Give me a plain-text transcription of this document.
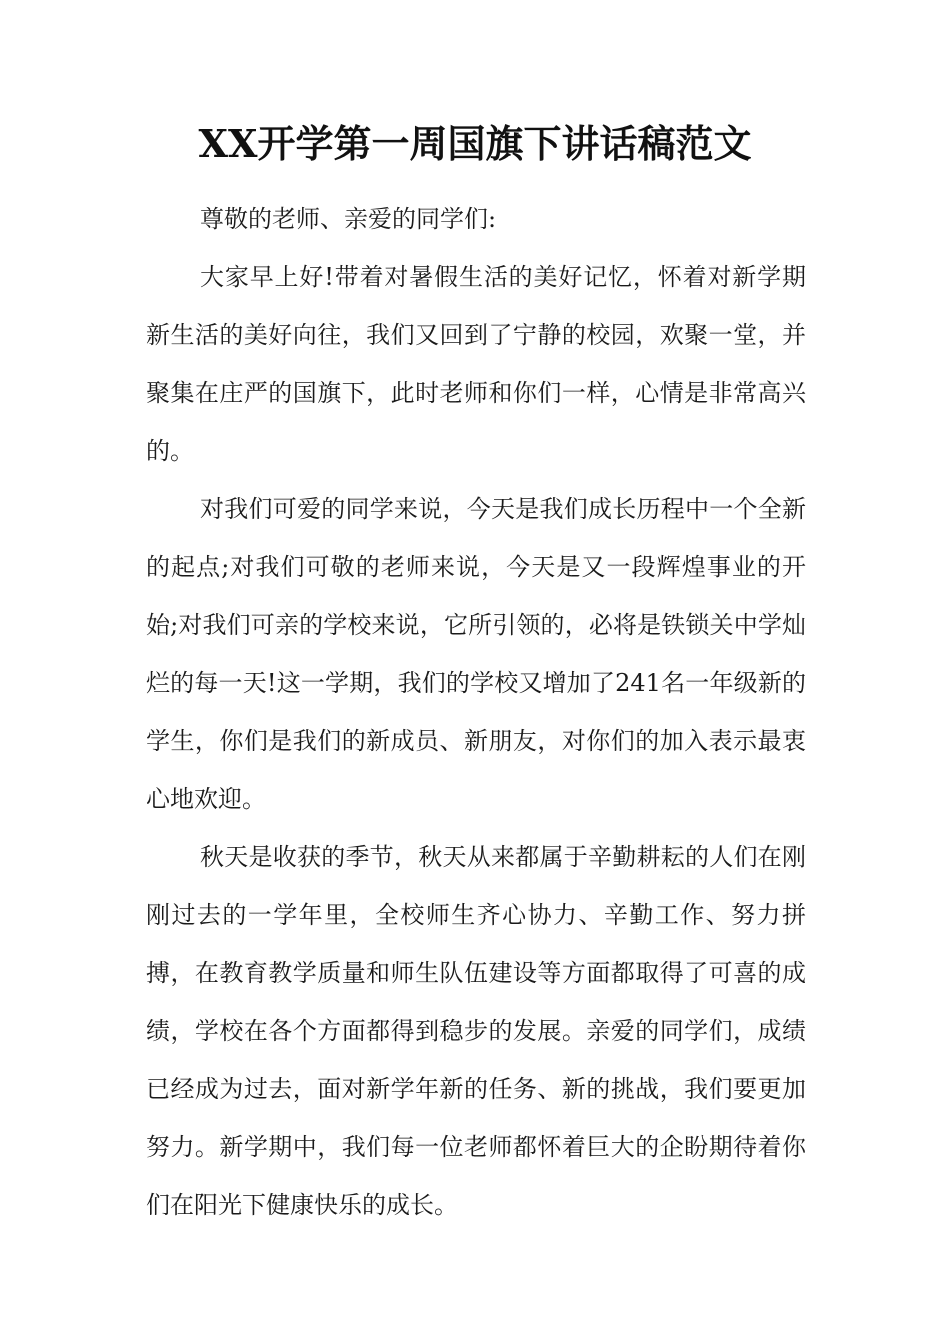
XX开学第一周国旗下讲话稿范文

尊敬的老师、亲爱的同学们:

大家早上好!带着对暑假生活的美好记忆，怀着对新学期新生活的美好向往，我们又回到了宁静的校园，欢聚一堂，并聚集在庄严的国旗下，此时老师和你们一样，心情是非常高兴的。

对我们可爱的同学来说，今天是我们成长历程中一个全新的起点;对我们可敬的老师来说，今天是又一段辉煌事业的开始;对我们可亲的学校来说，它所引领的，必将是铁锁关中学灿烂的每一天!这一学期，我们的学校又增加了241名一年级新的学生，你们是我们的新成员、新朋友，对你们的加入表示最衷心地欢迎。

秋天是收获的季节，秋天从来都属于辛勤耕耘的人们在刚刚过去的一学年里，全校师生齐心协力、辛勤工作、努力拼搏，在教育教学质量和师生队伍建设等方面都取得了可喜的成绩，学校在各个方面都得到稳步的发展。亲爱的同学们，成绩已经成为过去，面对新学年新的任务、新的挑战，我们要更加努力。新学期中，我们每一位老师都怀着巨大的企盼期待着你们在阳光下健康快乐的成长。
